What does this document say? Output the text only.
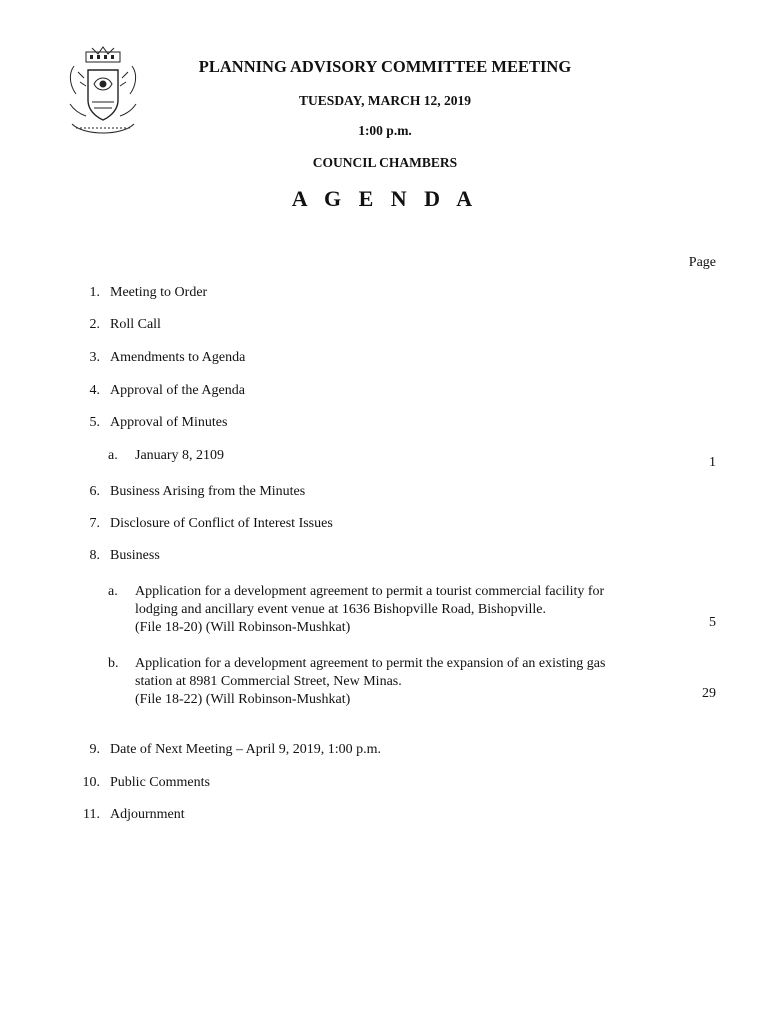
PLANNING ADVISORY COMMITTEE MEETING
TUESDAY, MARCH 12, 2019
1:00 p.m.
COUNCIL CHAMBERS
A G E N D A
Page
1. Meeting to Order
2. Roll Call
3. Amendments to Agenda
4. Approval of the Agenda
5. Approval of Minutes
a. January 8, 2109	1
6. Business Arising from the Minutes
7. Disclosure of Conflict of Interest Issues
8. Business
a. Application for a development agreement to permit a tourist commercial facility for
lodging and ancillary event venue at 1636 Bishopville Road, Bishopville.
(File 18-20) (Will Robinson-Mushkat)	5
b. Application for a development agreement to permit the expansion of an existing gas
station at 8981 Commercial Street, New Minas.
(File 18-22) (Will Robinson-Mushkat)	29
9. Date of Next Meeting – April 9, 2019, 1:00 p.m.
10. Public Comments
11. Adjournment
